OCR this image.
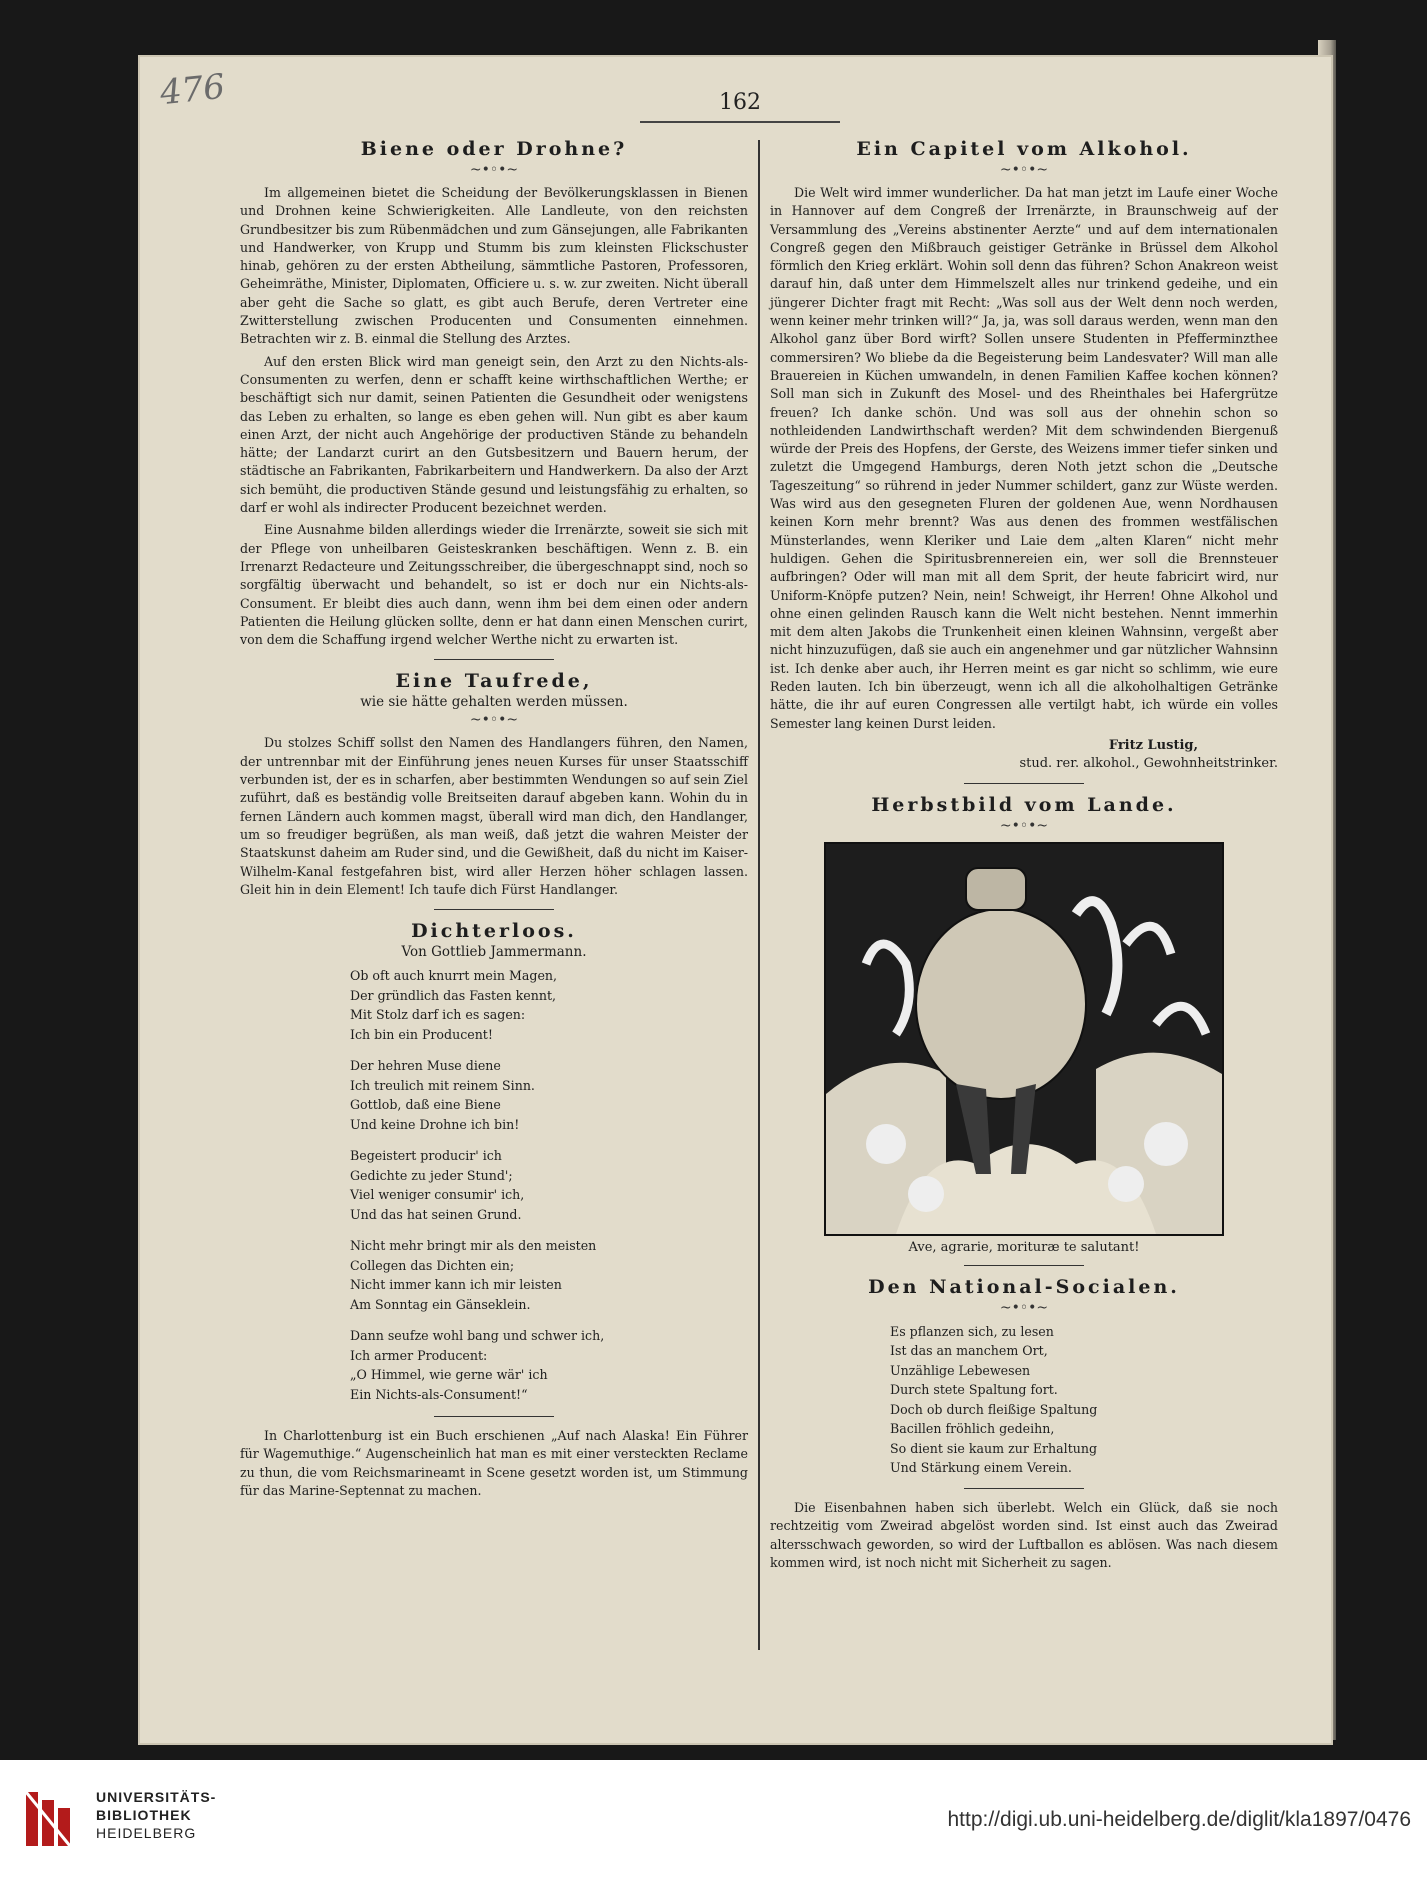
476	162
Biene oder Drohne?
~•◦•~

Im allgemeinen bietet die Scheidung der Bevölkerungsklassen in Bienen und Drohnen keine Schwierigkeiten. Alle Landleute, von den reichsten Grundbesitzer bis zum Rübenmädchen und zum Gänsejungen, alle Fabrikanten und Handwerker, von Krupp und Stumm bis zum kleinsten Flickschuster hinab, gehören zu der ersten Abtheilung, sämmtliche Pastoren, Professoren, Geheimräthe, Minister, Diplomaten, Officiere u. s. w. zur zweiten. Nicht überall aber geht die Sache so glatt, es gibt auch Berufe, deren Vertreter eine Zwitterstellung zwischen Producenten und Consumenten einnehmen. Betrachten wir z. B. einmal die Stellung des Arztes.

Auf den ersten Blick wird man geneigt sein, den Arzt zu den Nichts-als-Consumenten zu werfen, denn er schafft keine wirthschaftlichen Werthe; er beschäftigt sich nur damit, seinen Patienten die Gesundheit oder wenigstens das Leben zu erhalten, so lange es eben gehen will. Nun gibt es aber kaum einen Arzt, der nicht auch Angehörige der productiven Stände zu behandeln hätte; der Landarzt curirt an den Gutsbesitzern und Bauern herum, der städtische an Fabrikanten, Fabrikarbeitern und Handwerkern. Da also der Arzt sich bemüht, die productiven Stände gesund und leistungsfähig zu erhalten, so darf er wohl als indirecter Producent bezeichnet werden.

Eine Ausnahme bilden allerdings wieder die Irrenärzte, soweit sie sich mit der Pflege von unheilbaren Geisteskranken beschäftigen. Wenn z. B. ein Irrenarzt Redacteure und Zeitungsschreiber, die übergeschnappt sind, noch so sorgfältig überwacht und behandelt, so ist er doch nur ein Nichts-als-Consument. Er bleibt dies auch dann, wenn ihm bei dem einen oder andern Patienten die Heilung glücken sollte, denn er hat dann einen Menschen curirt, von dem die Schaffung irgend welcher Werthe nicht zu erwarten ist.

Eine Taufrede,
wie sie hätte gehalten werden müssen.
~•◦•~

Du stolzes Schiff sollst den Namen des Handlangers führen, den Namen, der untrennbar mit der Einführung jenes neuen Kurses für unser Staatsschiff verbunden ist, der es in scharfen, aber bestimmten Wendungen so auf sein Ziel zuführt, daß es beständig volle Breitseiten darauf abgeben kann. Wohin du in fernen Ländern auch kommen magst, überall wird man dich, den Handlanger, um so freudiger begrüßen, als man weiß, daß jetzt die wahren Meister der Staatskunst daheim am Ruder sind, und die Gewißheit, daß du nicht im Kaiser-Wilhelm-Kanal festgefahren bist, wird aller Herzen höher schlagen lassen. Gleit hin in dein Element! Ich taufe dich Fürst Handlanger.

Dichterloos.
Von Gottlieb Jammermann.
Ob oft auch knurrt mein Magen,
Der gründlich das Fasten kennt,
Mit Stolz darf ich es sagen:
Ich bin ein Producent!
Der hehren Muse diene
Ich treulich mit reinem Sinn.
Gottlob, daß eine Biene
Und keine Drohne ich bin!
Begeistert producir' ich
Gedichte zu jeder Stund';
Viel weniger consumir' ich,
Und das hat seinen Grund.
Nicht mehr bringt mir als den meisten
Collegen das Dichten ein;
Nicht immer kann ich mir leisten
Am Sonntag ein Gänseklein.
Dann seufze wohl bang und schwer ich,
Ich armer Producent:
„O Himmel, wie gerne wär' ich
Ein Nichts-als-Consument!“

In Charlottenburg ist ein Buch erschienen „Auf nach Alaska! Ein Führer für Wagemuthige.“ Augenscheinlich hat man es mit einer versteckten Reclame zu thun, die vom Reichsmarineamt in Scene gesetzt worden ist, um Stimmung für das Marine-Septennat zu machen.

Ein Capitel vom Alkohol.
~•◦•~

Die Welt wird immer wunderlicher. Da hat man jetzt im Laufe einer Woche in Hannover auf dem Congreß der Irrenärzte, in Braunschweig auf der Versammlung des „Vereins abstinenter Aerzte“ und auf dem internationalen Congreß gegen den Mißbrauch geistiger Getränke in Brüssel dem Alkohol förmlich den Krieg erklärt. Wohin soll denn das führen? Schon Anakreon weist darauf hin, daß unter dem Himmelszelt alles nur trinkend gedeihe, und ein jüngerer Dichter fragt mit Recht: „Was soll aus der Welt denn noch werden, wenn keiner mehr trinken will?“ Ja, ja, was soll daraus werden, wenn man den Alkohol ganz über Bord wirft? Sollen unsere Studenten in Pfefferminzthee commersiren? Wo bliebe da die Begeisterung beim Landesvater? Will man alle Brauereien in Küchen umwandeln, in denen Familien Kaffee kochen können? Soll man sich in Zukunft des Mosel- und des Rheinthales bei Hafergrütze freuen? Ich danke schön. Und was soll aus der ohnehin schon so nothleidenden Landwirthschaft werden? Mit dem schwindenden Biergenuß würde der Preis des Hopfens, der Gerste, des Weizens immer tiefer sinken und zuletzt die Umgegend Hamburgs, deren Noth jetzt schon die „Deutsche Tageszeitung“ so rührend in jeder Nummer schildert, ganz zur Wüste werden. Was wird aus den gesegneten Fluren der goldenen Aue, wenn Nordhausen keinen Korn mehr brennt? Was aus denen des frommen westfälischen Münsterlandes, wenn Kleriker und Laie dem „alten Klaren“ nicht mehr huldigen. Gehen die Spiritusbrennereien ein, wer soll die Brennsteuer aufbringen? Oder will man mit all dem Sprit, der heute fabricirt wird, nur Uniform-Knöpfe putzen? Nein, nein! Schweigt, ihr Herren! Ohne Alkohol und ohne einen gelinden Rausch kann die Welt nicht bestehen. Nennt immerhin mit dem alten Jakobs die Trunkenheit einen kleinen Wahnsinn, vergeßt aber nicht hinzuzufügen, daß sie auch ein angenehmer und gar nützlicher Wahnsinn ist. Ich denke aber auch, ihr Herren meint es gar nicht so schlimm, wie eure Reden lauten. Ich bin überzeugt, wenn ich all die alkoholhaltigen Getränke hätte, die ihr auf euren Congressen alle vertilgt habt, ich würde ein volles Semester lang keinen Durst leiden.

Fritz Lustig,

stud. rer. alkohol., Gewohnheitstrinker.

Herbstbild vom Lande.
~•◦•~
Ave, agrarie, morituræ te salutant!
Den National-Socialen.
~•◦•~
Es pflanzen sich, zu lesen
Ist das an manchem Ort,
Unzählige Lebewesen
Durch stete Spaltung fort.
Doch ob durch fleißige Spaltung
Bacillen fröhlich gedeihn,
So dient sie kaum zur Erhaltung
Und Stärkung einem Verein.

Die Eisenbahnen haben sich überlebt. Welch ein Glück, daß sie noch rechtzeitig vom Zweirad abgelöst worden sind. Ist einst auch das Zweirad altersschwach geworden, so wird der Luftballon es ablösen. Was nach diesem kommen wird, ist noch nicht mit Sicherheit zu sagen.

UNIVERSITÄTS-
BIBLIOTHEK
HEIDELBERG
http://digi.ub.uni-heidelberg.de/diglit/kla1897/0476
